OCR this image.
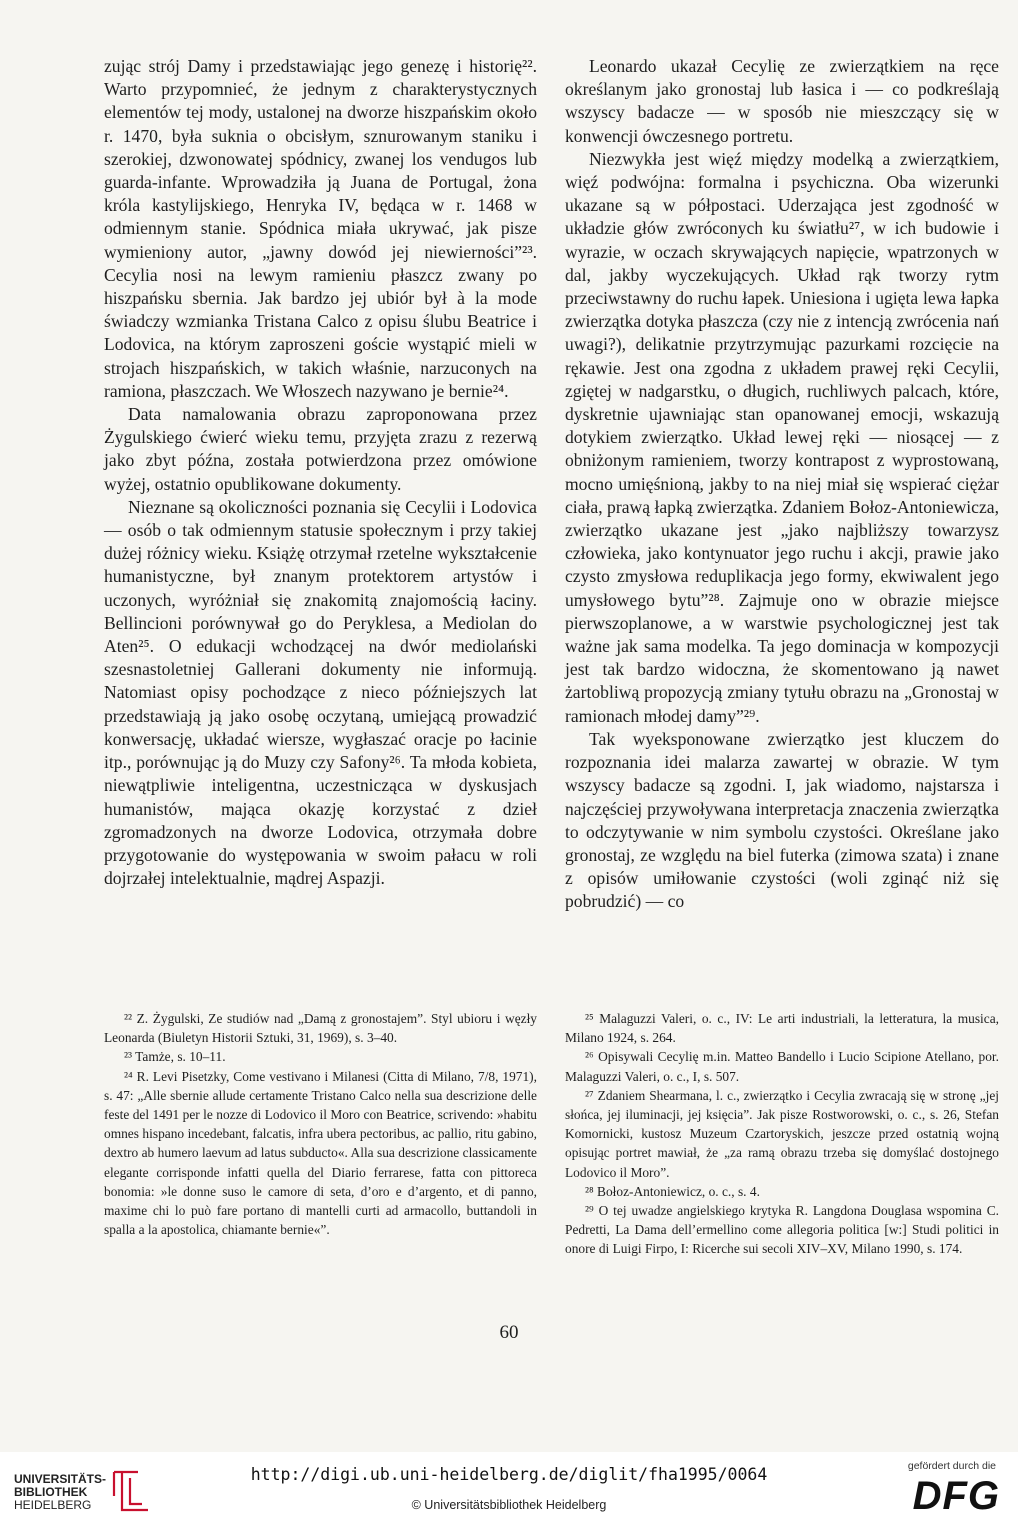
zując strój Damy i przedstawiając jego genezę i historię²². Warto przypomnieć, że jednym z charakterystycznych elementów tej mody, ustalonej na dworze hiszpańskim około r. 1470, była suknia o obcisłym, sznurowanym staniku i szerokiej, dzwonowatej spódnicy, zwanej los vendugos lub guarda-infante. Wprowadziła ją Juana de Portugal, żona króla kastylijskiego, Henryka IV, będąca w r. 1468 w odmiennym stanie. Spódnica miała ukrywać, jak pisze wymieniony autor, „jawny dowód jej niewierności”²³. Cecylia nosi na lewym ramieniu płaszcz zwany po hiszpańsku sbernia. Jak bardzo jej ubiór był à la mode świadczy wzmianka Tristana Calco z opisu ślubu Beatrice i Lodovica, na którym zaproszeni goście wystąpić mieli w strojach hiszpańskich, w takich właśnie, narzuconych na ramiona, płaszczach. We Włoszech nazywano je bernie²⁴.

Data namalowania obrazu zaproponowana przez Żygulskiego ćwierć wieku temu, przyjęta zrazu z rezerwą jako zbyt późna, została potwierdzona przez omówione wyżej, ostatnio opublikowane dokumenty.

Nieznane są okoliczności poznania się Cecylii i Lodovica — osób o tak odmiennym statusie społecznym i przy takiej dużej różnicy wieku. Książę otrzymał rzetelne wykształcenie humanistyczne, był znanym protektorem artystów i uczonych, wyróżniał się znakomitą znajomością łaciny. Bellincioni porównywał go do Peryklesa, a Mediolan do Aten²⁵. O edukacji wchodzącej na dwór mediolański szesnastoletniej Gallerani dokumenty nie informują. Natomiast opisy pochodzące z nieco późniejszych lat przedstawiają ją jako osobę oczytaną, umiejącą prowadzić konwersację, układać wiersze, wygłaszać oracje po łacinie itp., porównując ją do Muzy czy Safony²⁶. Ta młoda kobieta, niewątpliwie inteligentna, uczestnicząca w dyskusjach humanistów, mająca okazję korzystać z dzieł zgromadzonych na dworze Lodovica, otrzymała dobre przygotowanie do występowania w swoim pałacu w roli dojrzałej intelektualnie, mądrej Aspazji.

Leonardo ukazał Cecylię ze zwierzątkiem na ręce określanym jako gronostaj lub łasica i — co podkreślają wszyscy badacze — w sposób nie mieszczący się w konwencji ówczesnego portretu.

Niezwykła jest więź między modelką a zwierzątkiem, więź podwójna: formalna i psychiczna. Oba wizerunki ukazane są w półpostaci. Uderzająca jest zgodność w układzie głów zwróconych ku światłu²⁷, w ich budowie i wyrazie, w oczach skrywających napięcie, wpatrzonych w dal, jakby wyczekujących. Układ rąk tworzy rytm przeciwstawny do ruchu łapek. Uniesiona i ugięta lewa łapka zwierzątka dotyka płaszcza (czy nie z intencją zwrócenia nań uwagi?), delikatnie przytrzymując pazurkami rozcięcie na rękawie. Jest ona zgodna z układem prawej ręki Cecylii, zgiętej w nadgarstku, o długich, ruchliwych palcach, które, dyskretnie ujawniając stan opanowanej emocji, wskazują dotykiem zwierzątko. Układ lewej ręki — niosącej — z obniżonym ramieniem, tworzy kontrapost z wyprostowaną, mocno umięśnioną, jakby to na niej miał się wspierać ciężar ciała, prawą łapką zwierzątka. Zdaniem Bołoz-Antoniewicza, zwierzątko ukazane jest „jako najbliższy towarzysz człowieka, jako kontynuator jego ruchu i akcji, prawie jako czysto zmysłowa reduplikacja jego formy, ekwiwalent jego umysłowego bytu”²⁸. Zajmuje ono w obrazie miejsce pierwszoplanowe, a w warstwie psychologicznej jest tak ważne jak sama modelka. Ta jego dominacja w kompozycji jest tak bardzo widoczna, że skomentowano ją nawet żartobliwą propozycją zmiany tytułu obrazu na „Gronostaj w ramionach młodej damy”²⁹.

Tak wyeksponowane zwierzątko jest kluczem do rozpoznania idei malarza zawartej w obrazie. W tym wszyscy badacze są zgodni. I, jak wiadomo, najstarsza i najczęściej przywoływana interpretacja znaczenia zwierzątka to odczytywanie w nim symbolu czystości. Określane jako gronostaj, ze względu na biel futerka (zimowa szata) i znane z opisów umiłowanie czystości (woli zginąć niż się pobrudzić) — co

²² Z. Żygulski, Ze studiów nad „Damą z gronostajem”. Styl ubioru i węzły Leonarda (Biuletyn Historii Sztuki, 31, 1969), s. 3–40.

²³ Tamże, s. 10–11.

²⁴ R. Levi Pisetzky, Come vestivano i Milanesi (Citta di Milano, 7/8, 1971), s. 47: „Alle sbernie allude certamente Tristano Calco nella sua descrizione delle feste del 1491 per le nozze di Lodovico il Moro con Beatrice, scrivendo: »habitu omnes hispano incedebant, falcatis, infra ubera pectoribus, ac pallio, ritu gabino, dextro ab humero laevum ad latus subducto«. Alla sua descrizione classicamente elegante corrisponde infatti quella del Diario ferrarese, fatta con pittoreca bonomia: »le donne suso le camore di seta, d’oro e d’argento, et di panno, maxime chi lo può fare portano di mantelli curti ad armacollo, buttandoli in spalla a la apostolica, chiamante bernie«”.

²⁵ Malaguzzi Valeri, o. c., IV: Le arti industriali, la letteratura, la musica, Milano 1924, s. 264.

²⁶ Opisywali Cecylię m.in. Matteo Bandello i Lucio Scipione Atellano, por. Malaguzzi Valeri, o. c., I, s. 507.

²⁷ Zdaniem Shearmana, l. c., zwierzątko i Cecylia zwracają się w stronę „jej słońca, jej iluminacji, jej księcia”. Jak pisze Rostworowski, o. c., s. 26, Stefan Komornicki, kustosz Muzeum Czartoryskich, jeszcze przed ostatnią wojną opisując portret mawiał, że „za ramą obrazu trzeba się domyślać dostojnego Lodovico il Moro”.

²⁸ Bołoz-Antoniewicz, o. c., s. 4.

²⁹ O tej uwadze angielskiego krytyka R. Langdona Douglasa wspomina C. Pedretti, La Dama dell’ermellino come allegoria politica [w:] Studi politici in onore di Luigi Firpo, I: Ricerche sui secoli XIV–XV, Milano 1990, s. 174.

60
UNIVERSITÄTS-
BIBLIOTHEK
HEIDELBERG
http://digi.ub.uni-heidelberg.de/diglit/fha1995/0064
© Universitätsbibliothek Heidelberg
gefördert durch die
DFG
